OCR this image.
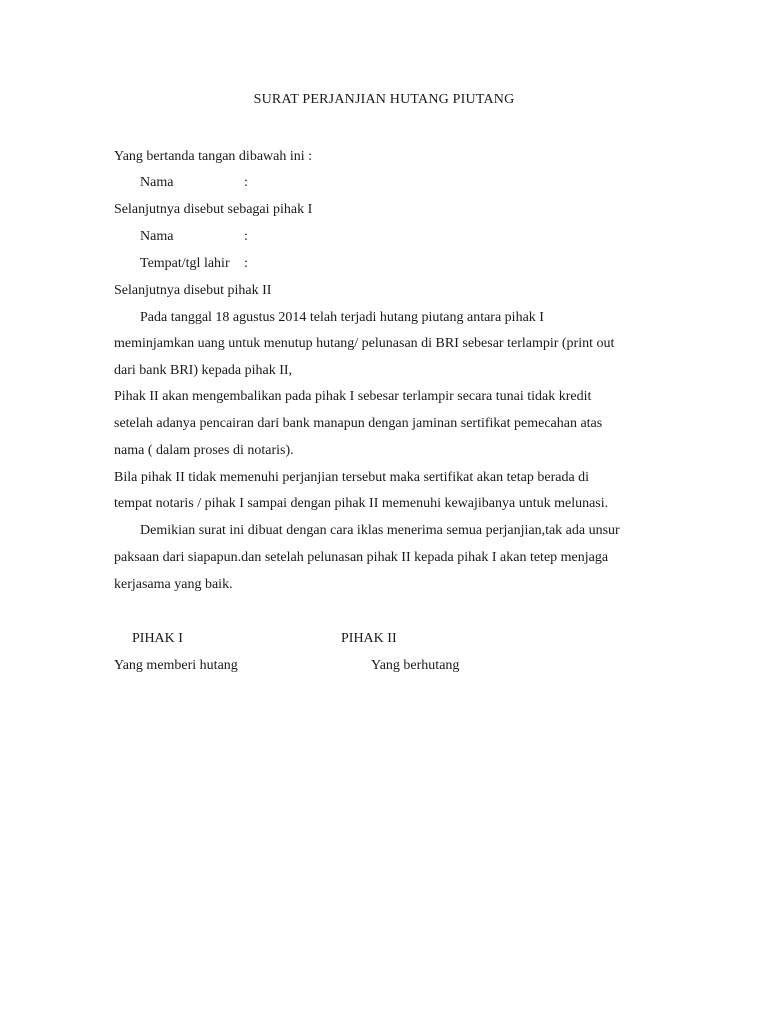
SURAT PERJANJIAN HUTANG PIUTANG
Yang bertanda tangan dibawah ini :
Nama	:
Selanjutnya disebut sebagai pihak I
Nama	:
Tempat/tgl lahir :
Selanjutnya disebut pihak II
Pada tanggal 18 agustus 2014 telah terjadi hutang piutang antara pihak I
meminjamkan uang untuk menutup hutang/ pelunasan di BRI sebesar terlampir (print out
dari bank BRI) kepada pihak II,
Pihak II akan mengembalikan pada pihak I sebesar terlampir secara tunai tidak kredit
setelah adanya pencairan dari bank manapun dengan jaminan sertifikat pemecahan atas
nama ( dalam proses di notaris).
Bila pihak II tidak memenuhi perjanjian tersebut maka sertifikat akan tetap berada di
tempat notaris / pihak I sampai dengan pihak II memenuhi kewajibanya untuk melunasi.
Demikian surat ini dibuat dengan cara iklas menerima semua perjanjian,tak ada unsur
paksaan dari siapapun.dan setelah pelunasan pihak II kepada pihak I akan tetep menjaga
kerjasama yang baik.
PIHAK I	PIHAK II
Yang memberi hutang	Yang berhutang
